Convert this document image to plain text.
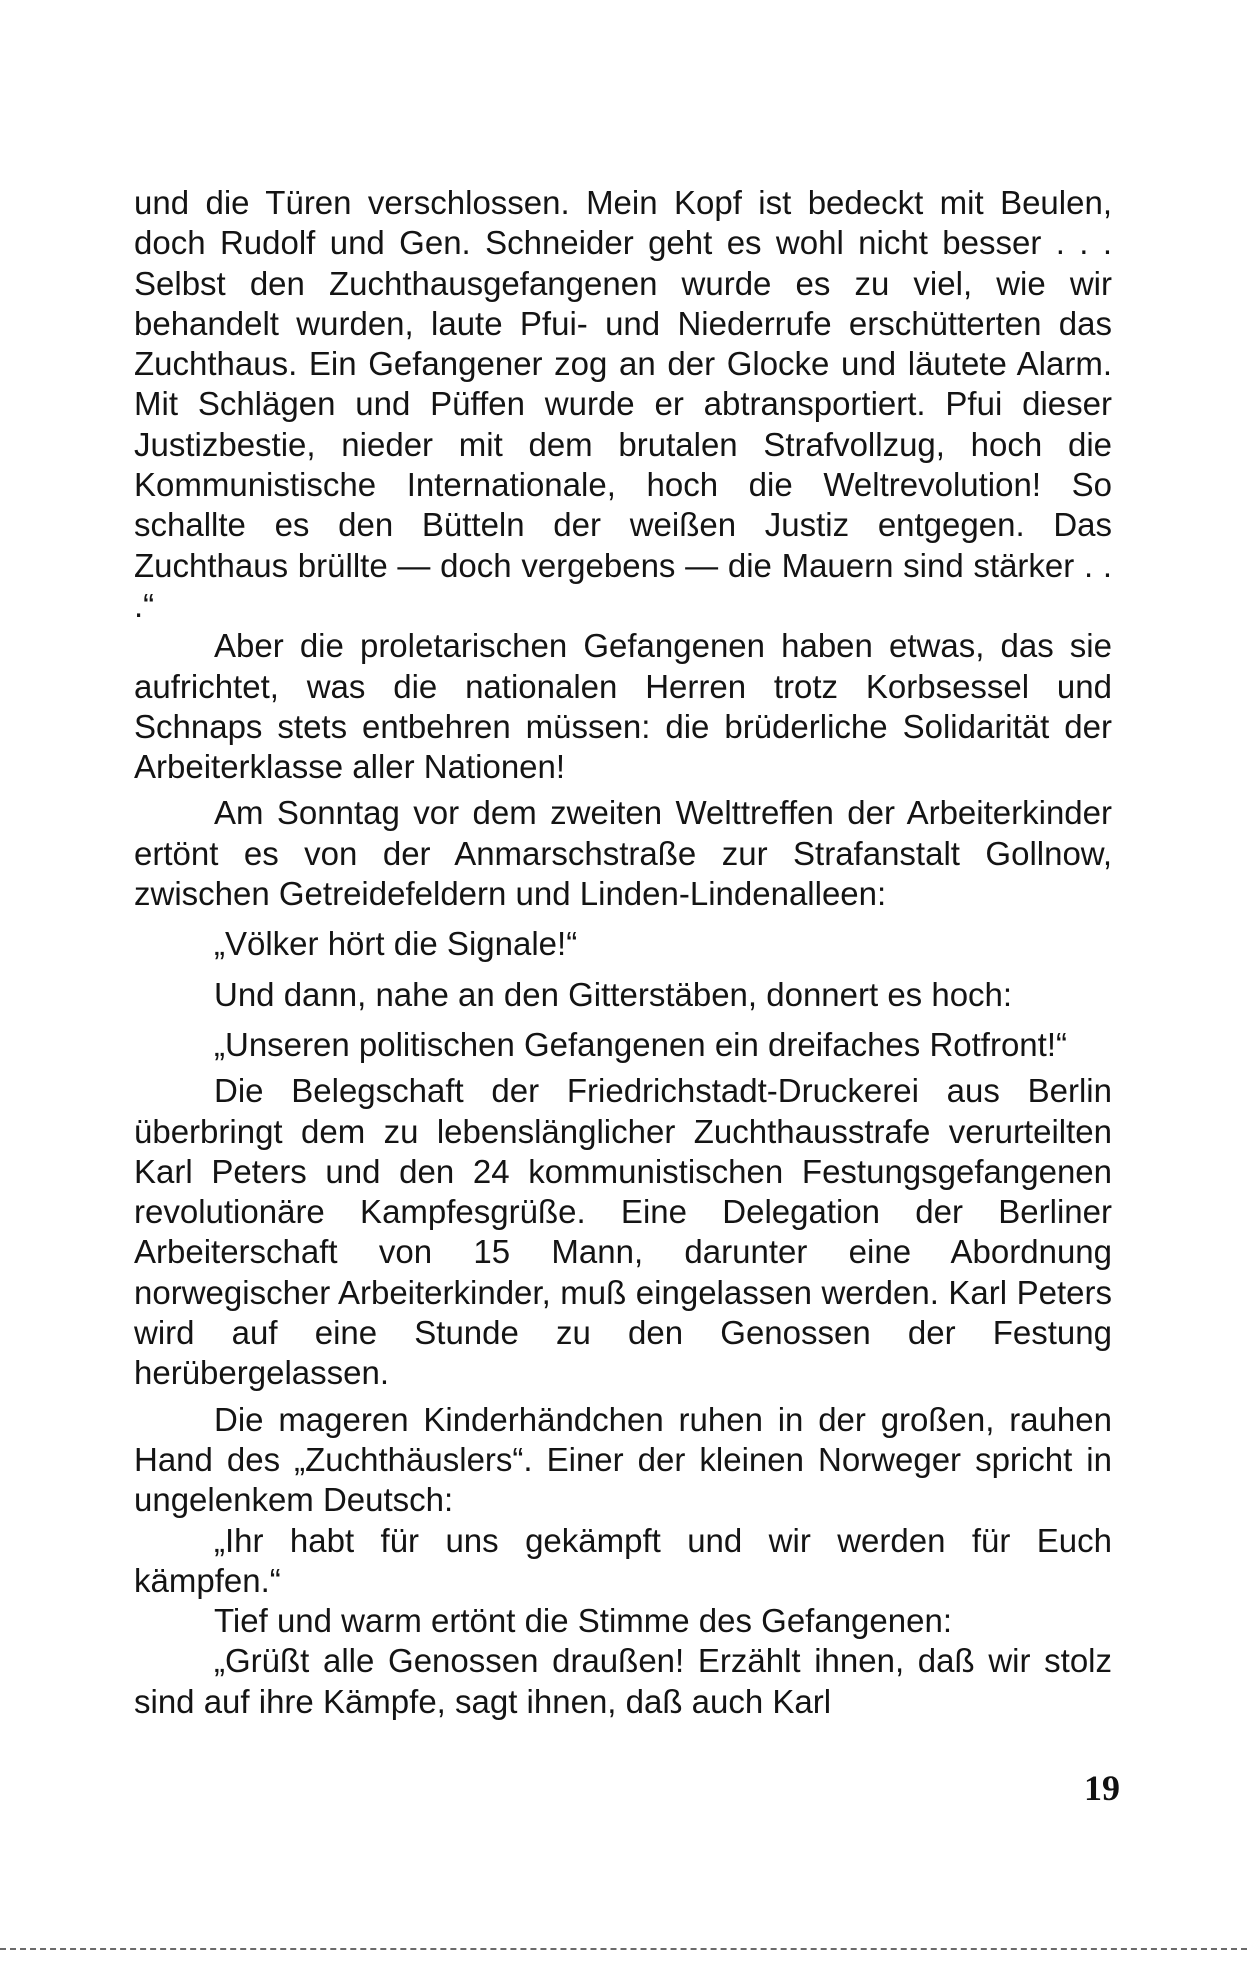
und die Türen verschlossen. Mein Kopf ist bedeckt mit Beulen, doch Rudolf und Gen. Schneider geht es wohl nicht besser . . . Selbst den Zuchthausgefangenen wurde es zu viel, wie wir behandelt wurden, laute Pfui- und Niederrufe erschütterten das Zuchthaus. Ein Gefangener zog an der Glocke und läutete Alarm. Mit Schlägen und Püffen wurde er abtransportiert. Pfui dieser Justizbestie, nieder mit dem brutalen Strafvollzug, hoch die Kommunistische Internationale, hoch die Weltrevolution! So schallte es den Bütteln der weißen Justiz entgegen. Das Zuchthaus brüllte — doch vergebens — die Mauern sind stärker . . .“

Aber die proletarischen Gefangenen haben etwas, das sie aufrichtet, was die nationalen Herren trotz Korbsessel und Schnaps stets entbehren müssen: die brüderliche Solidarität der Arbeiterklasse aller Nationen!

Am Sonntag vor dem zweiten Welttreffen der Arbeiterkinder ertönt es von der Anmarschstraße zur Strafanstalt Gollnow, zwischen Getreidefeldern und Linden-Lindenalleen:

„Völker hört die Signale!“

Und dann, nahe an den Gitterstäben, donnert es hoch:

„Unseren politischen Gefangenen ein dreifaches Rotfront!“

Die Belegschaft der Friedrichstadt-Druckerei aus Berlin überbringt dem zu lebenslänglicher Zuchthausstrafe verurteilten Karl Peters und den 24 kommunistischen Festungsgefangenen revolutionäre Kampfesgrüße. Eine Delegation der Berliner Arbeiterschaft von 15 Mann, darunter eine Abordnung norwegischer Arbeiterkinder, muß eingelassen werden. Karl Peters wird auf eine Stunde zu den Genossen der Festung herübergelassen.

Die mageren Kinderhändchen ruhen in der großen, rauhen Hand des „Zuchthäuslers“. Einer der kleinen Norweger spricht in ungelenkem Deutsch:

„Ihr habt für uns gekämpft und wir werden für Euch kämpfen.“

Tief und warm ertönt die Stimme des Gefangenen:

„Grüßt alle Genossen draußen! Erzählt ihnen, daß wir stolz sind auf ihre Kämpfe, sagt ihnen, daß auch Karl

19
